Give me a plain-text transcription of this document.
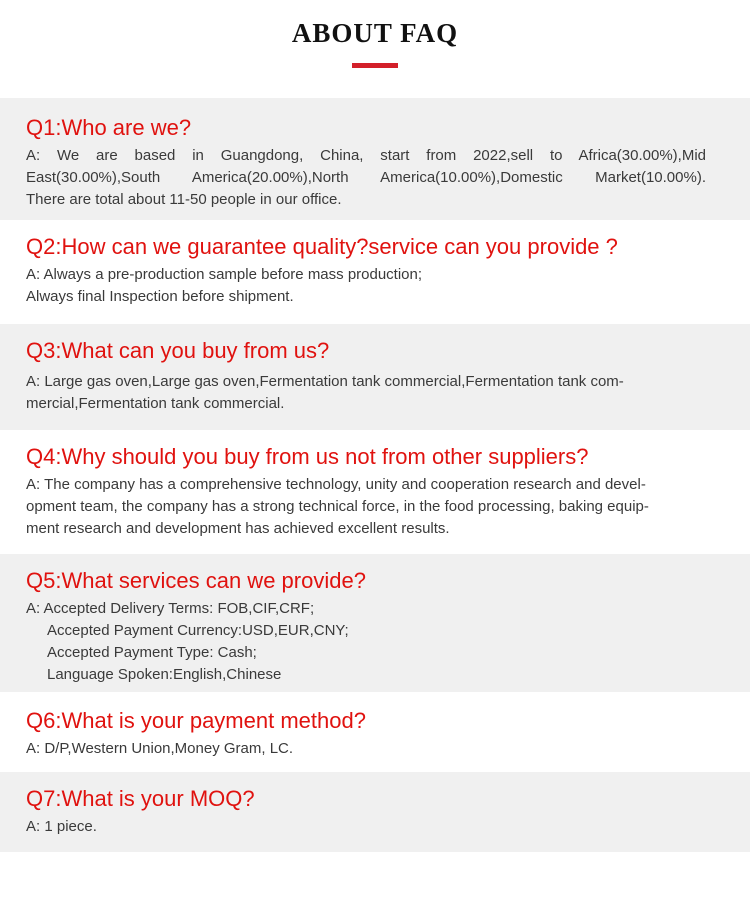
ABOUT FAQ
Q1:Who are we?
A: We are based in Guangdong, China, start from 2022,sell to Africa(30.00%),Mid
East(30.00%),South America(20.00%),North America(10.00%),Domestic Market(10.00%).
There are total about 11-50 people in our office.
Q2:How can we guarantee quality?service can you provide ?
A: Always a pre-production sample before mass production;
Always final Inspection before shipment.
Q3:What can you buy from us?
A: Large gas oven,Large gas oven,Fermentation tank commercial,Fermentation tank com-
mercial,Fermentation tank commercial.
Q4:Why should you buy from us not from other suppliers?
A: The company has a comprehensive technology, unity and cooperation research and devel-
opment team, the company has a strong technical force, in the food processing, baking equip-
ment research and development has achieved excellent results.
Q5:What services can we provide?
A: Accepted Delivery Terms: FOB,CIF,CRF;
Accepted Payment Currency:USD,EUR,CNY;
Accepted Payment Type: Cash;
Language Spoken:English,Chinese
Q6:What is your payment method?
A: D/P,Western Union,Money Gram, LC.
Q7:What is your MOQ?
A: 1 piece.
